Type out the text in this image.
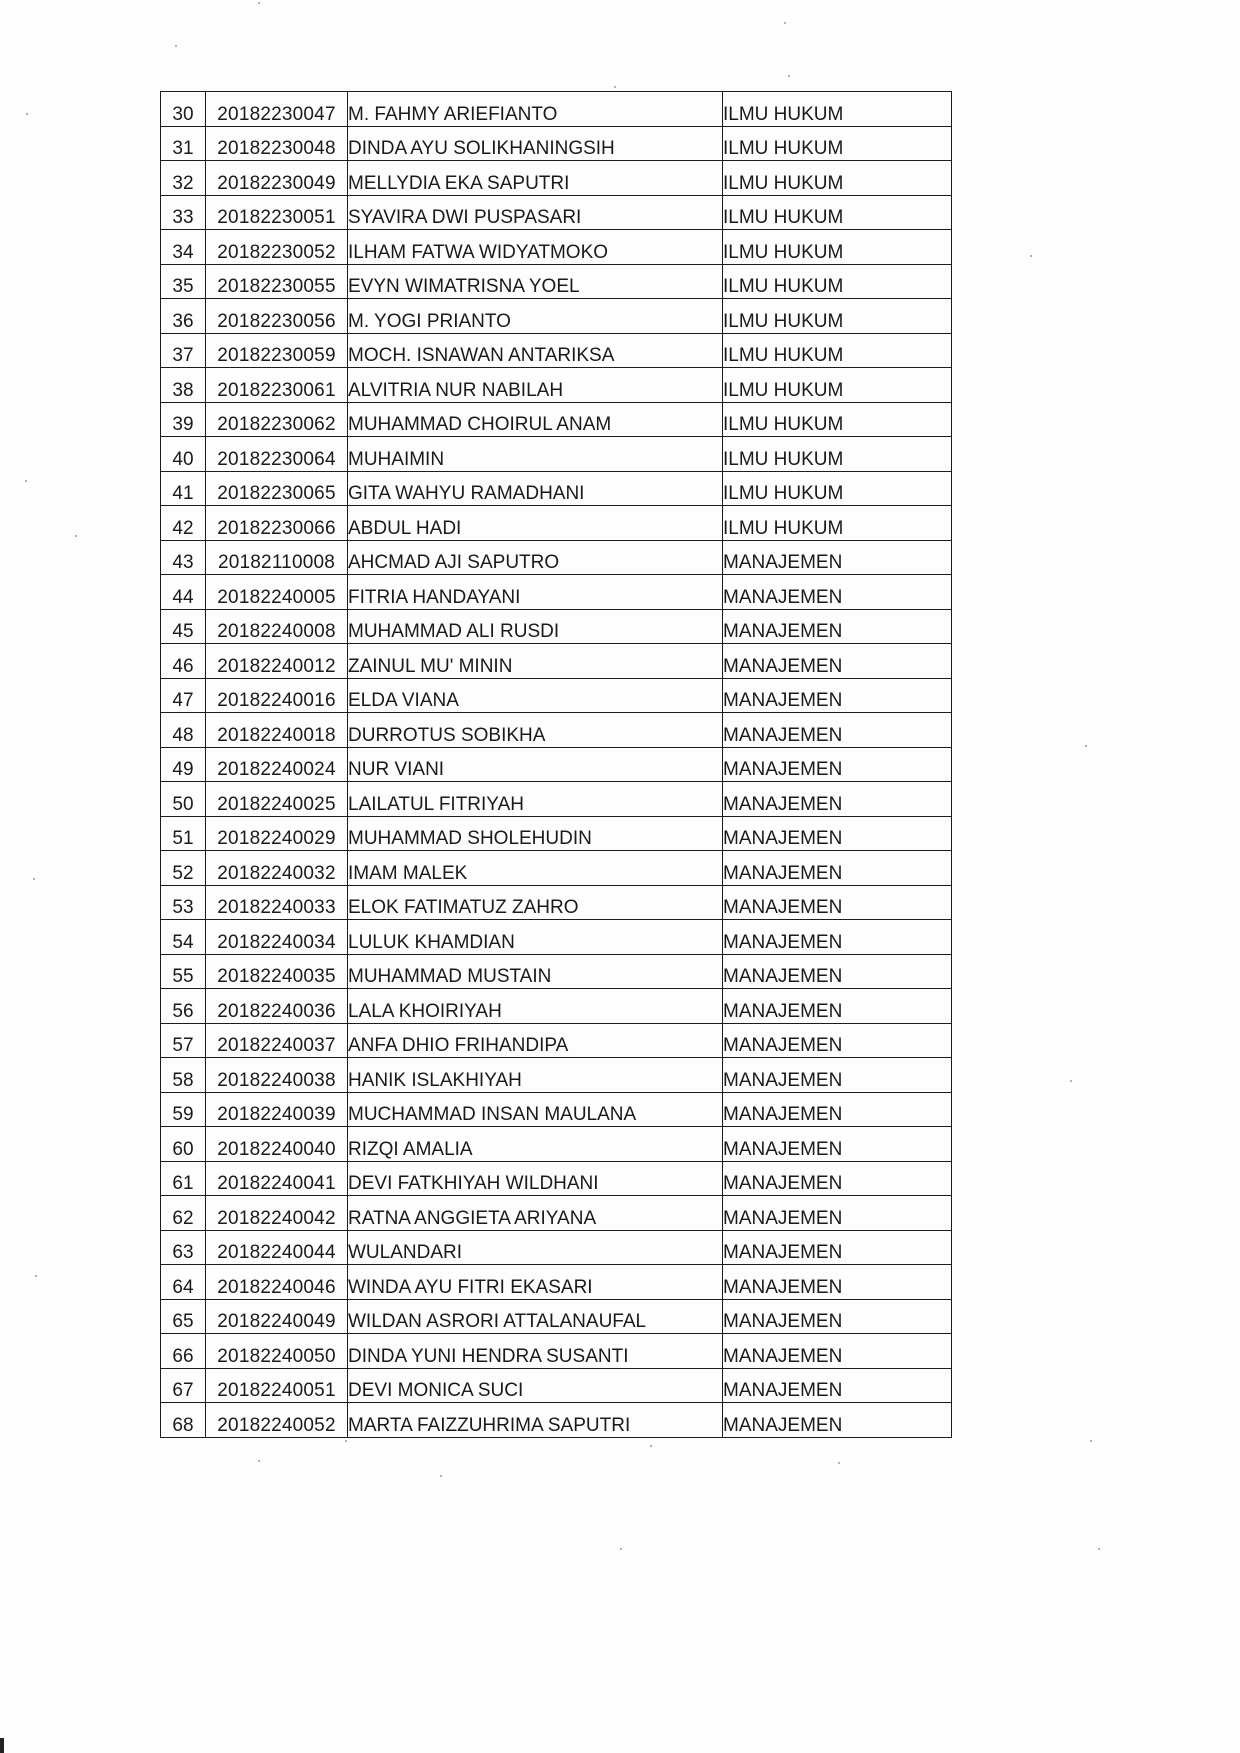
30	20182230047	M. FAHMY ARIEFIANTO	ILMU HUKUM
31	20182230048	DINDA AYU SOLIKHANINGSIH	ILMU HUKUM
32	20182230049	MELLYDIA EKA SAPUTRI	ILMU HUKUM
33	20182230051	SYAVIRA DWI PUSPASARI	ILMU HUKUM
34	20182230052	ILHAM FATWA WIDYATMOKO	ILMU HUKUM
35	20182230055	EVYN WIMATRISNA YOEL	ILMU HUKUM
36	20182230056	M. YOGI PRIANTO	ILMU HUKUM
37	20182230059	MOCH. ISNAWAN ANTARIKSA	ILMU HUKUM
38	20182230061	ALVITRIA NUR NABILAH	ILMU HUKUM
39	20182230062	MUHAMMAD CHOIRUL ANAM	ILMU HUKUM
40	20182230064	MUHAIMIN	ILMU HUKUM
41	20182230065	GITA WAHYU RAMADHANI	ILMU HUKUM
42	20182230066	ABDUL HADI	ILMU HUKUM
43	20182110008	AHCMAD AJI SAPUTRO	MANAJEMEN
44	20182240005	FITRIA HANDAYANI	MANAJEMEN
45	20182240008	MUHAMMAD ALI RUSDI	MANAJEMEN
46	20182240012	ZAINUL MU' MININ	MANAJEMEN
47	20182240016	ELDA VIANA	MANAJEMEN
48	20182240018	DURROTUS SOBIKHA	MANAJEMEN
49	20182240024	NUR VIANI	MANAJEMEN
50	20182240025	LAILATUL FITRIYAH	MANAJEMEN
51	20182240029	MUHAMMAD SHOLEHUDIN	MANAJEMEN
52	20182240032	IMAM MALEK	MANAJEMEN
53	20182240033	ELOK FATIMATUZ ZAHRO	MANAJEMEN
54	20182240034	LULUK KHAMDIAN	MANAJEMEN
55	20182240035	MUHAMMAD MUSTAIN	MANAJEMEN
56	20182240036	LALA KHOIRIYAH	MANAJEMEN
57	20182240037	ANFA DHIO FRIHANDIPA	MANAJEMEN
58	20182240038	HANIK ISLAKHIYAH	MANAJEMEN
59	20182240039	MUCHAMMAD INSAN MAULANA	MANAJEMEN
60	20182240040	RIZQI AMALIA	MANAJEMEN
61	20182240041	DEVI FATKHIYAH WILDHANI	MANAJEMEN
62	20182240042	RATNA ANGGIETA ARIYANA	MANAJEMEN
63	20182240044	WULANDARI	MANAJEMEN
64	20182240046	WINDA AYU FITRI EKASARI	MANAJEMEN
65	20182240049	WILDAN ASRORI ATTALANAUFAL	MANAJEMEN
66	20182240050	DINDA YUNI HENDRA SUSANTI	MANAJEMEN
67	20182240051	DEVI MONICA SUCI	MANAJEMEN
68	20182240052	MARTA FAIZZUHRIMA SAPUTRI	MANAJEMEN
